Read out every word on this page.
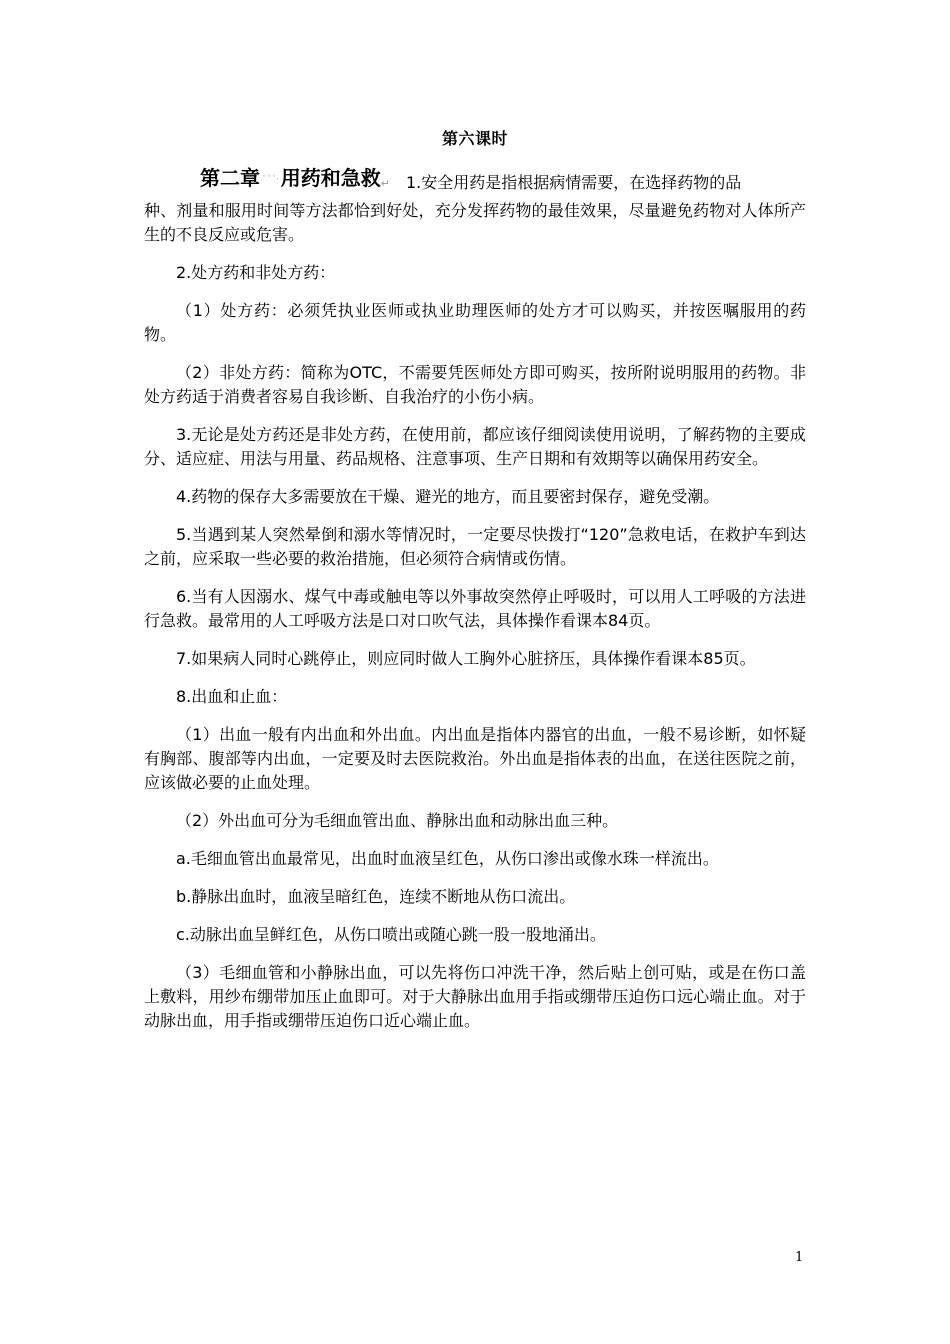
第六课时
第二章 ◦◦◦. 用药和急救↵ 1.安全用药是指根据病情需要，在选择药物的品
种、剂量和服用时间等方法都恰到好处，充分发挥药物的最佳效果，尽量避免药物对人体所产生的不良反应或危害。

2.处方药和非处方药：

（1）处方药：必须凭执业医师或执业助理医师的处方才可以购买，并按医嘱服用的药物。

（2）非处方药：简称为OTC，不需要凭医师处方即可购买，按所附说明服用的药物。非处方药适于消费者容易自我诊断、自我治疗的小伤小病。

3.无论是处方药还是非处方药，在使用前，都应该仔细阅读使用说明，了解药物的主要成分、适应症、用法与用量、药品规格、注意事项、生产日期和有效期等以确保用药安全。

4.药物的保存大多需要放在干燥、避光的地方，而且要密封保存，避免受潮。

5.当遇到某人突然晕倒和溺水等情况时，一定要尽快拨打“120”急救电话，在救护车到达之前，应采取一些必要的救治措施，但必须符合病情或伤情。

6.当有人因溺水、煤气中毒或触电等以外事故突然停止呼吸时，可以用人工呼吸的方法进行急救。最常用的人工呼吸方法是口对口吹气法，具体操作看课本84页。

7.如果病人同时心跳停止，则应同时做人工胸外心脏挤压，具体操作看课本85页。

8.出血和止血：

（1）出血一般有内出血和外出血。内出血是指体内器官的出血，一般不易诊断，如怀疑有胸部、腹部等内出血，一定要及时去医院救治。外出血是指体表的出血，在送往医院之前，应该做必要的止血处理。

（2）外出血可分为毛细血管出血、静脉出血和动脉出血三种。

a.毛细血管出血最常见，出血时血液呈红色，从伤口渗出或像水珠一样流出。

b.静脉出血时，血液呈暗红色，连续不断地从伤口流出。

c.动脉出血呈鲜红色，从伤口喷出或随心跳一股一股地涌出。

（3）毛细血管和小静脉出血，可以先将伤口冲洗干净，然后贴上创可贴，或是在伤口盖上敷料，用纱布绷带加压止血即可。对于大静脉出血用手指或绷带压迫伤口远心端止血。对于动脉出血，用手指或绷带压迫伤口近心端止血。

1
